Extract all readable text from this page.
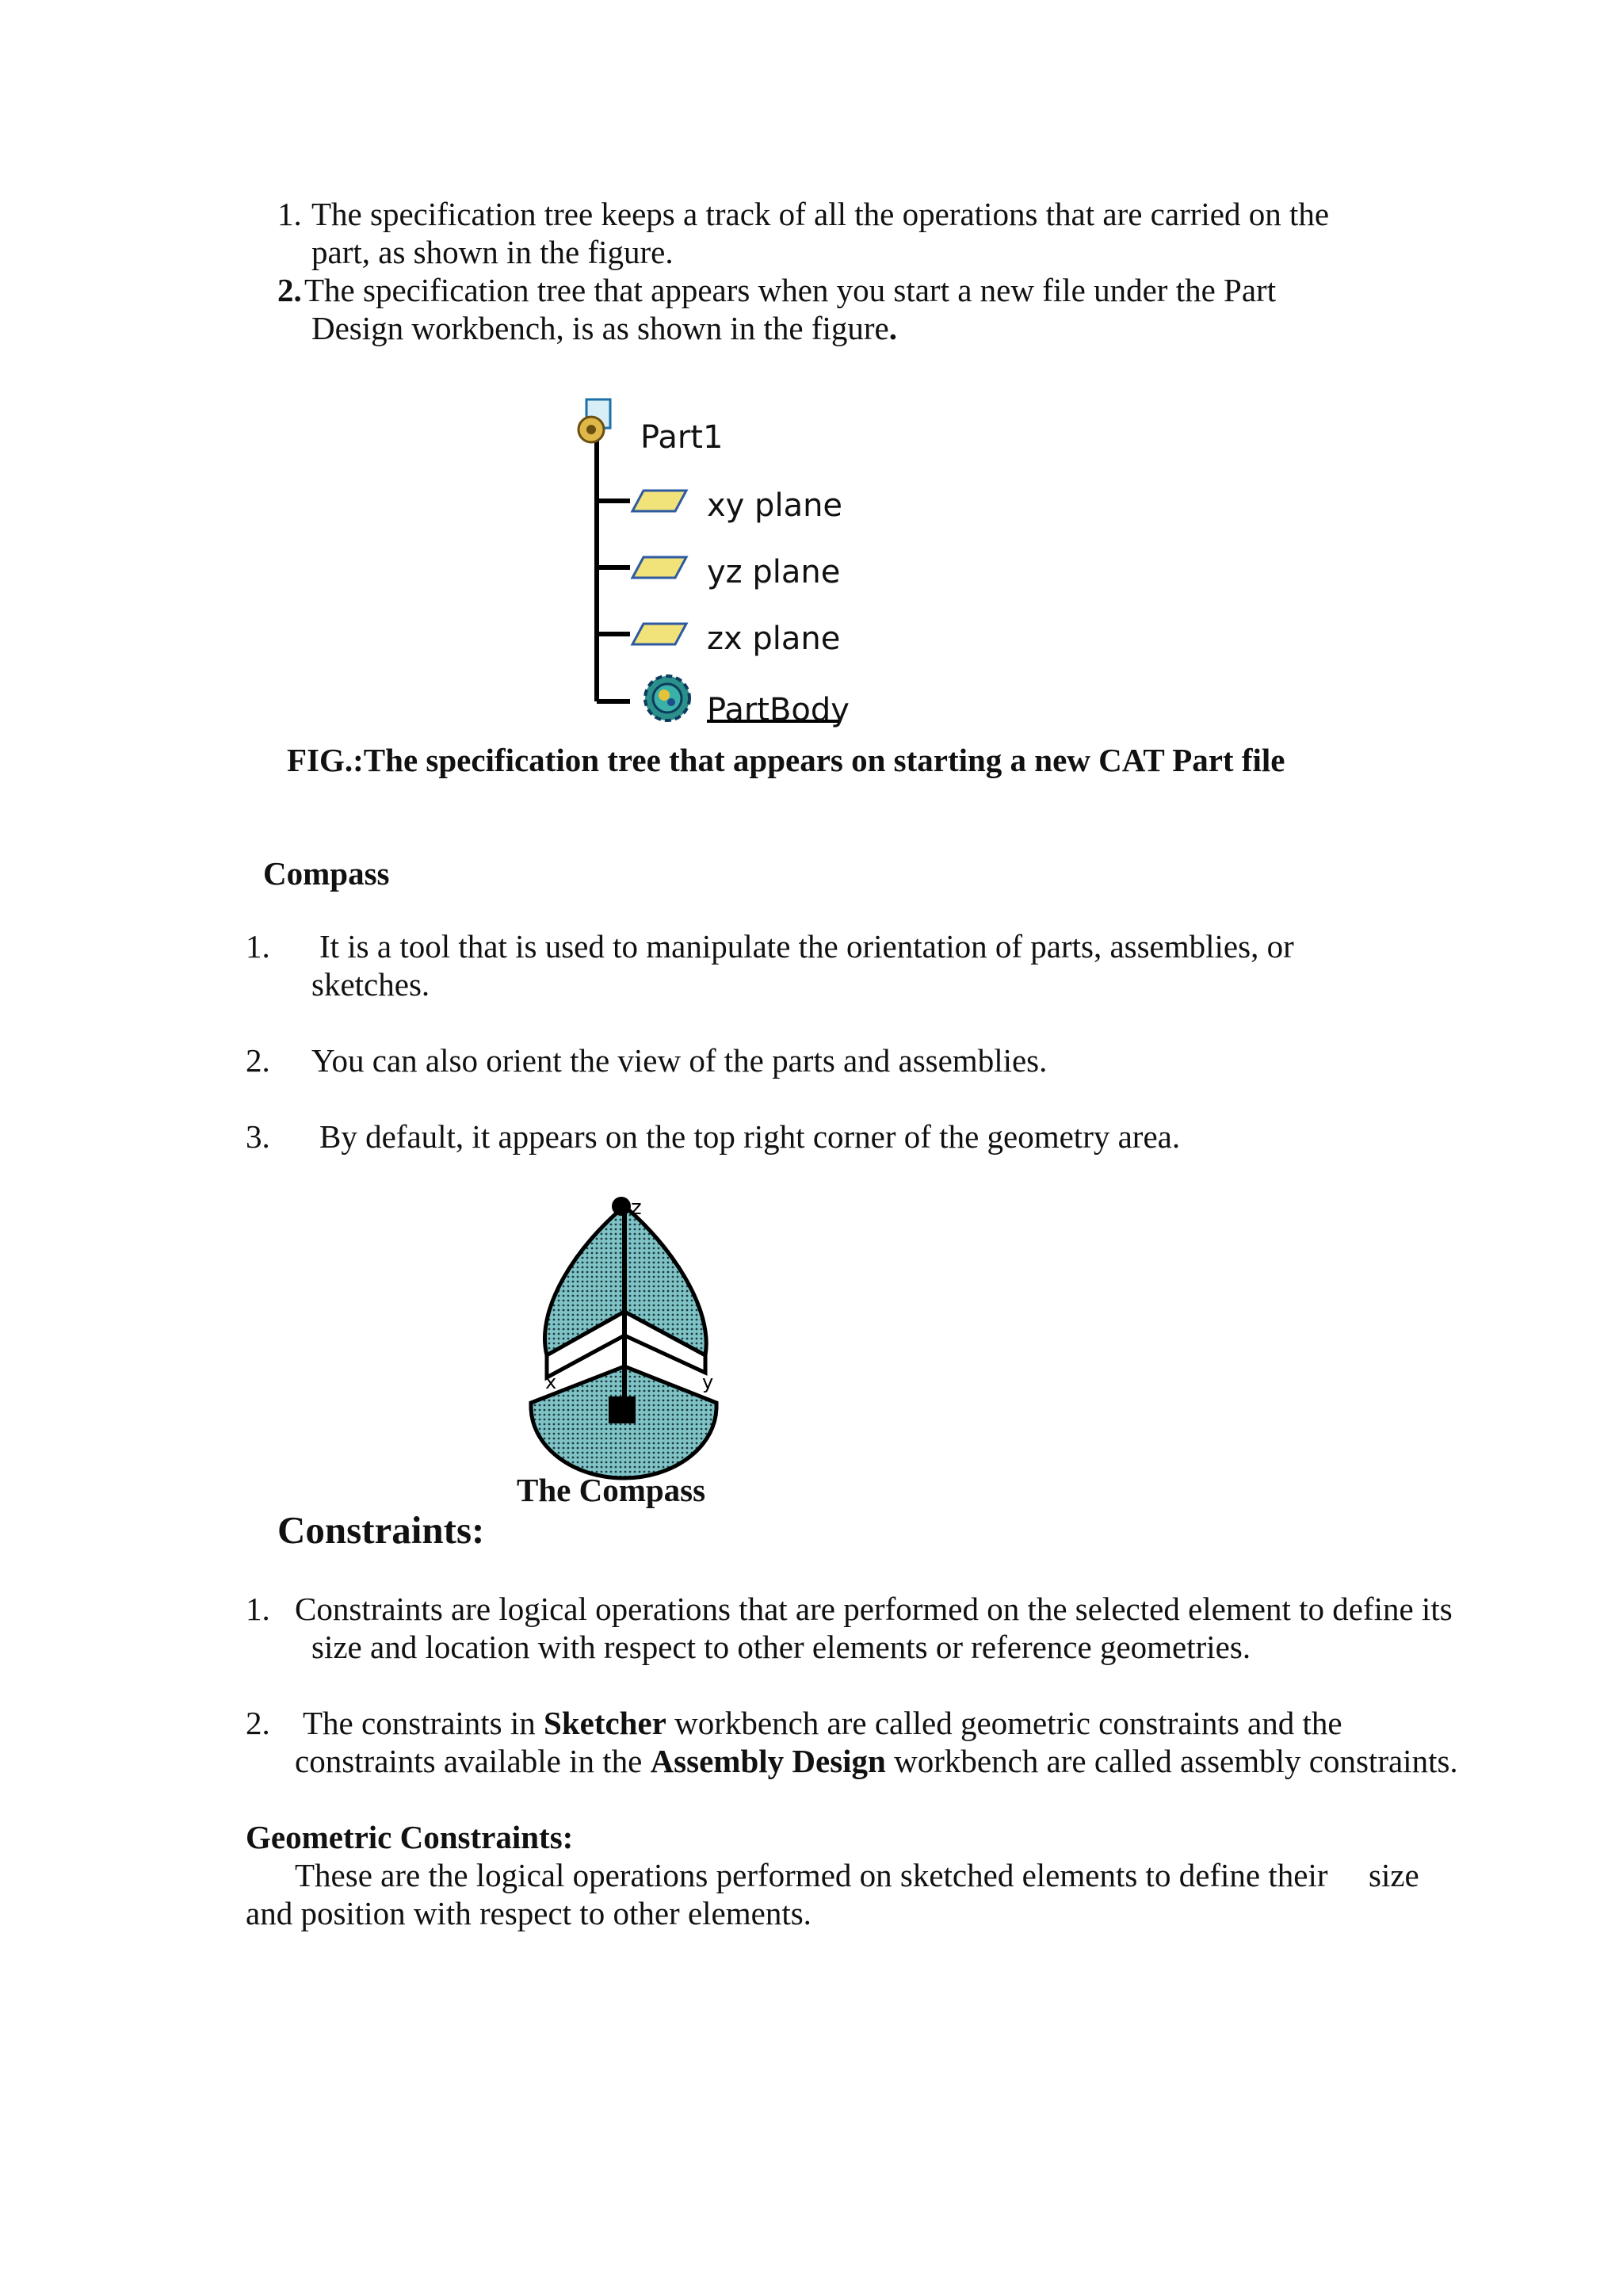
1. The specification tree keeps a track of all the operations that are carried on the
part, as shown in the figure.
2. The specification tree that appears when you start a new file under the Part
Design workbench, is as shown in the figure.
Part1
xy plane
yz plane
zx plane
PartBody
FIG.:The specification tree that appears on starting a new CAT Part file
Compass
1. It is a tool that is used to manipulate the orientation of parts, assemblies, or
sketches.
2. You can also orient the view of the parts and assemblies.
3. By default, it appears on the top right corner of the geometry area.
z
x	y
The Compass
Constraints:
1. Constraints are logical operations that are performed on the selected element to define its
size and location with respect to other elements or reference geometries.
2. The constraints in Sketcher workbench are called geometric constraints and the
constraints available in the Assembly Design workbench are called assembly constraints.
Geometric Constraints:
These are the logical operations performed on sketched elements to define their size
and position with respect to other elements.
